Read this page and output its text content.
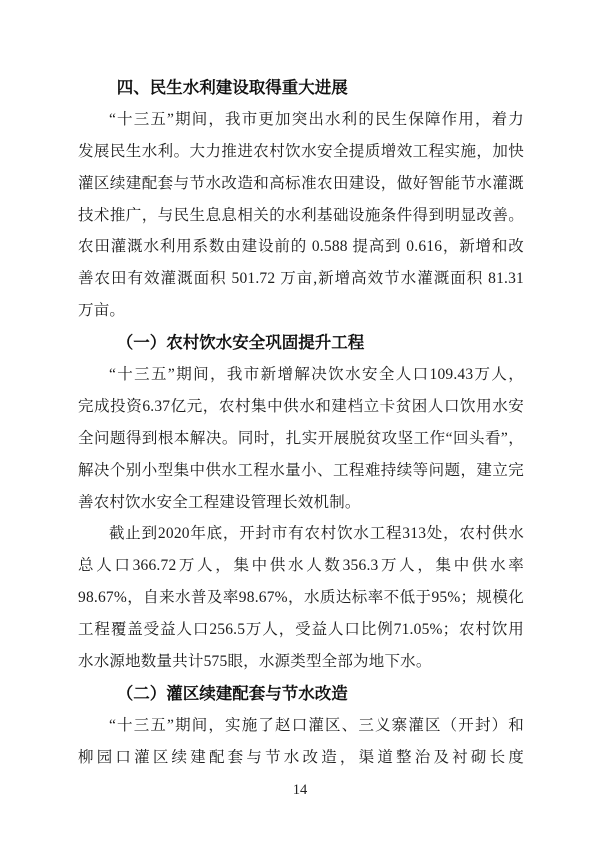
四、民生水利建设取得重大进展
“十三五”期间，我市更加突出水利的民生保障作用，着力
发展民生水利。大力推进农村饮水安全提质增效工程实施，加快
灌区续建配套与节水改造和高标准农田建设，做好智能节水灌溉
技术推广，与民生息息相关的水利基础设施条件得到明显改善。
农田灌溉水利用系数由建设前的 0.588 提高到 0.616，新增和改
善农田有效灌溉面积 501.72 万亩,新增高效节水灌溉面积 81.31
万亩。
（一）农村饮水安全巩固提升工程
“十三五”期间，我市新增解决饮水安全人口109.43万人，
完成投资6.37亿元，农村集中供水和建档立卡贫困人口饮用水安
全问题得到根本解决。同时，扎实开展脱贫攻坚工作“回头看”，
解决个别小型集中供水工程水量小、工程难持续等问题，建立完
善农村饮水安全工程建设管理长效机制。
截止到2020年底，开封市有农村饮水工程313处，农村供水
总人口366.72万人，集中供水人数356.3万人，集中供水率
98.67%，自来水普及率98.67%，水质达标率不低于95%；规模化
工程覆盖受益人口256.5万人，受益人口比例71.05%；农村饮用
水水源地数量共计575眼，水源类型全部为地下水。
（二）灌区续建配套与节水改造
“十三五”期间，实施了赵口灌区、三义寨灌区（开封）和
柳园口灌区续建配套与节水改造，渠道整治及衬砌长度
14
